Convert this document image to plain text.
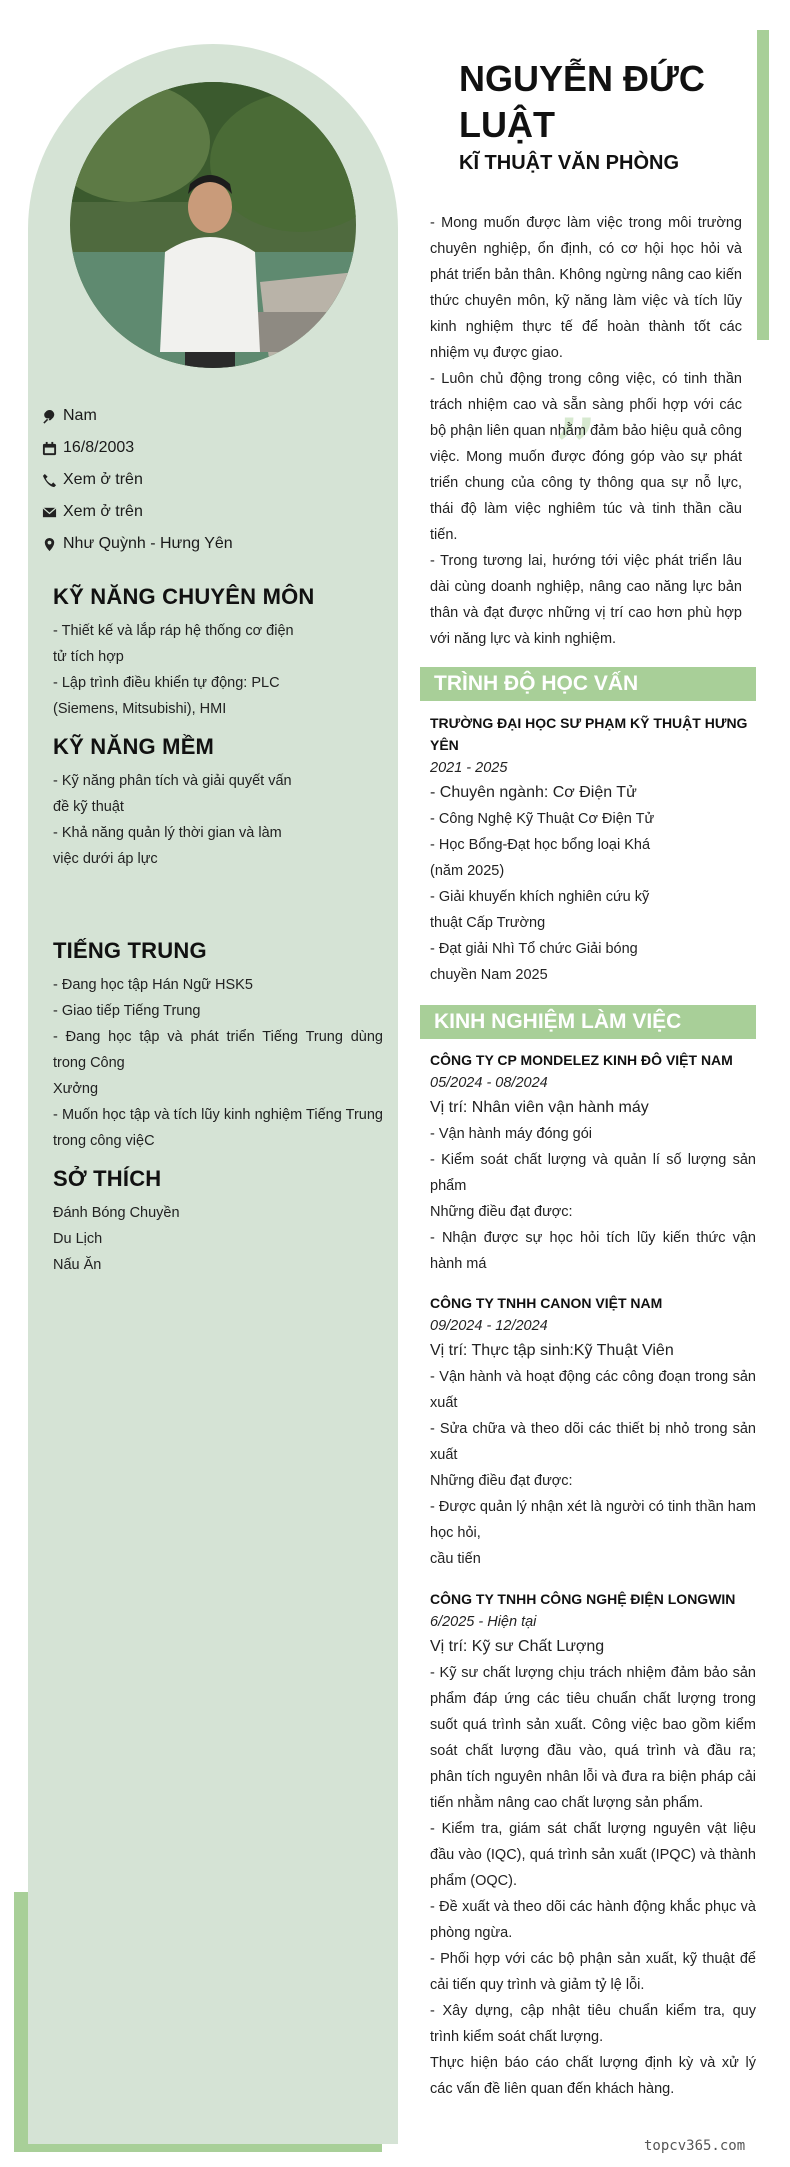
Nam
16/8/2003
Xem ở trên
Xem ở trên
Như Quỳnh - Hưng Yên
KỸ NĂNG CHUYÊN MÔN
- Thiết kế và lắp ráp hệ thống cơ điện
tử tích hợp
- Lập trình điều khiển tự động: PLC
(Siemens, Mitsubishi), HMI
KỸ NĂNG MỀM
- Kỹ năng phân tích và giải quyết vấn
đề kỹ thuật
- Khả năng quản lý thời gian và làm
việc dưới áp lực
TIẾNG TRUNG
- Đang học tập Hán Ngữ HSK5
- Giao tiếp Tiếng Trung
- Đang học tập và phát triển Tiếng Trung dùng trong Công
Xưởng
- Muốn học tập và tích lũy kinh nghiệm Tiếng Trung trong công việC
SỞ THÍCH
Đánh Bóng Chuyền
Du Lịch
Nấu Ăn
NGUYỄN ĐỨC LUẬT
KĨ THUẬT VĂN PHÒNG
”
- Mong muốn được làm việc trong môi trường chuyên nghiệp, ổn định, có cơ hội học hỏi và phát triển bản thân. Không ngừng nâng cao kiến thức chuyên môn, kỹ năng làm việc và tích lũy kinh nghiệm thực tế để hoàn thành tốt các nhiệm vụ được giao.
- Luôn chủ động trong công việc, có tinh thần trách nhiệm cao và sẵn sàng phối hợp với các bộ phận liên quan nhằm đảm bảo hiệu quả công việc. Mong muốn được đóng góp vào sự phát triển chung của công ty thông qua sự nỗ lực, thái độ làm việc nghiêm túc và tinh thần cầu tiến.
- Trong tương lai, hướng tới việc phát triển lâu dài cùng doanh nghiệp, nâng cao năng lực bản thân và đạt được những vị trí cao hơn phù hợp với năng lực và kinh nghiệm.
TRÌNH ĐỘ HỌC VẤN
TRƯỜNG ĐẠI HỌC SƯ PHẠM KỸ THUẬT HƯNG YÊN
2021 - 2025
- Chuyên ngành: Cơ Điện Tử
- Công Nghệ Kỹ Thuật Cơ Điện Tử
- Học Bổng-Đạt học bổng loại Khá
(năm 2025)
- Giải khuyến khích nghiên cứu kỹ
thuật Cấp Trường
- Đạt giải Nhì Tổ chức Giải bóng
chuyền Nam 2025
KINH NGHIỆM LÀM VIỆC
CÔNG TY CP MONDELEZ KINH ĐÔ VIỆT NAM
05/2024 - 08/2024
Vị trí: Nhân viên vận hành máy
- Vận hành máy đóng gói
- Kiểm soát chất lượng và quản lí số lượng sản phẩm
Những điều đạt được:
- Nhận được sự học hỏi tích lũy kiến thức vận hành má
CÔNG TY TNHH CANON VIỆT NAM
09/2024 - 12/2024
Vị trí: Thực tập sinh:Kỹ Thuật Viên
- Vận hành và hoạt động các công đoạn trong sản xuất
- Sửa chữa và theo dõi các thiết bị nhỏ trong sản xuất
Những điều đạt được:
- Được quản lý nhận xét là người có tinh thần ham học hỏi,
cầu tiến
CÔNG TY TNHH CÔNG NGHỆ ĐIỆN LONGWIN
6/2025 - Hiện tại
Vị trí: Kỹ sư Chất Lượng
- Kỹ sư chất lượng chịu trách nhiệm đảm bảo sản phẩm đáp ứng các tiêu chuẩn chất lượng trong suốt quá trình sản xuất. Công việc bao gồm kiểm soát chất lượng đầu vào, quá trình và đầu ra; phân tích nguyên nhân lỗi và đưa ra biện pháp cải tiến nhằm nâng cao chất lượng sản phẩm.
- Kiểm tra, giám sát chất lượng nguyên vật liệu đầu vào (IQC), quá trình sản xuất (IPQC) và thành phẩm (OQC).
- Đề xuất và theo dõi các hành động khắc phục và phòng ngừa.
- Phối hợp với các bộ phận sản xuất, kỹ thuật để cải tiến quy trình và giảm tỷ lệ lỗi.
- Xây dựng, cập nhật tiêu chuẩn kiểm tra, quy trình kiểm soát chất lượng.
Thực hiện báo cáo chất lượng định kỳ và xử lý các vấn đề liên quan đến khách hàng.
topcv365.com
